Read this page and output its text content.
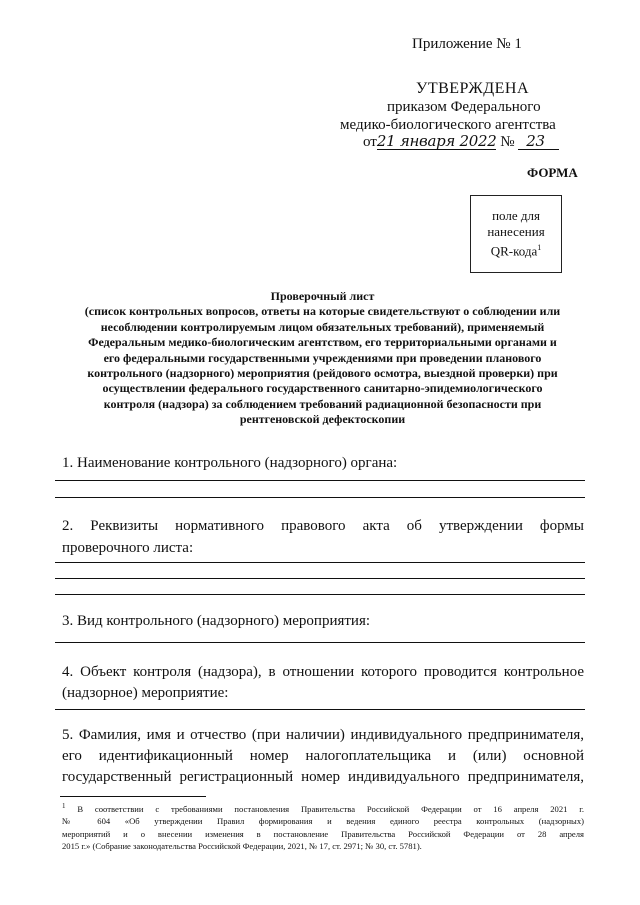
Приложение № 1
УТВЕРЖДЕНА
приказом Федерального
медико-биологического агентства
от21 января 2022 № 23
ФОРМА
поле для
нанесения
QR-кода$^1$
Проверочный лист
(список контрольных вопросов, ответы на которые свидетельствуют о соблюдении или
несоблюдении контролируемым лицом обязательных требований), применяемый
Федеральным медико-биологическим агентством, его территориальными органами и
его федеральными государственными учреждениями при проведении планового
контрольного (надзорного) мероприятия (рейдового осмотра, выездной проверки) при
осуществлении федерального государственного санитарно-эпидемиологического
контроля (надзора) за соблюдением требований радиационной безопасности при
рентгеновской дефектоскопии
1. Наименование контрольного (надзорного) органа:
2. Реквизиты нормативного правового акта об утверждении формы
проверочного листа:
3. Вид контрольного (надзорного) мероприятия:
4. Объект контроля (надзора), в отношении которого проводится контрольное
(надзорное) мероприятие:
5. Фамилия, имя и отчество (при наличии) индивидуального предпринимателя,
его идентификационный номер налогоплательщика и (или) основной
государственный регистрационный номер индивидуального предпринимателя,
$^1$ В соответствии с требованиями постановления Правительства Российской Федерации от 16 апреля 2021 г.
№ 604 «Об утверждении Правил формирования и ведения единого реестра контрольных (надзорных)
мероприятий и о внесении изменения в постановление Правительства Российской Федерации от 28 апреля
2015 г.» (Собрание законодательства Российской Федерации, 2021, № 17, ст. 2971; № 30, ст. 5781).
